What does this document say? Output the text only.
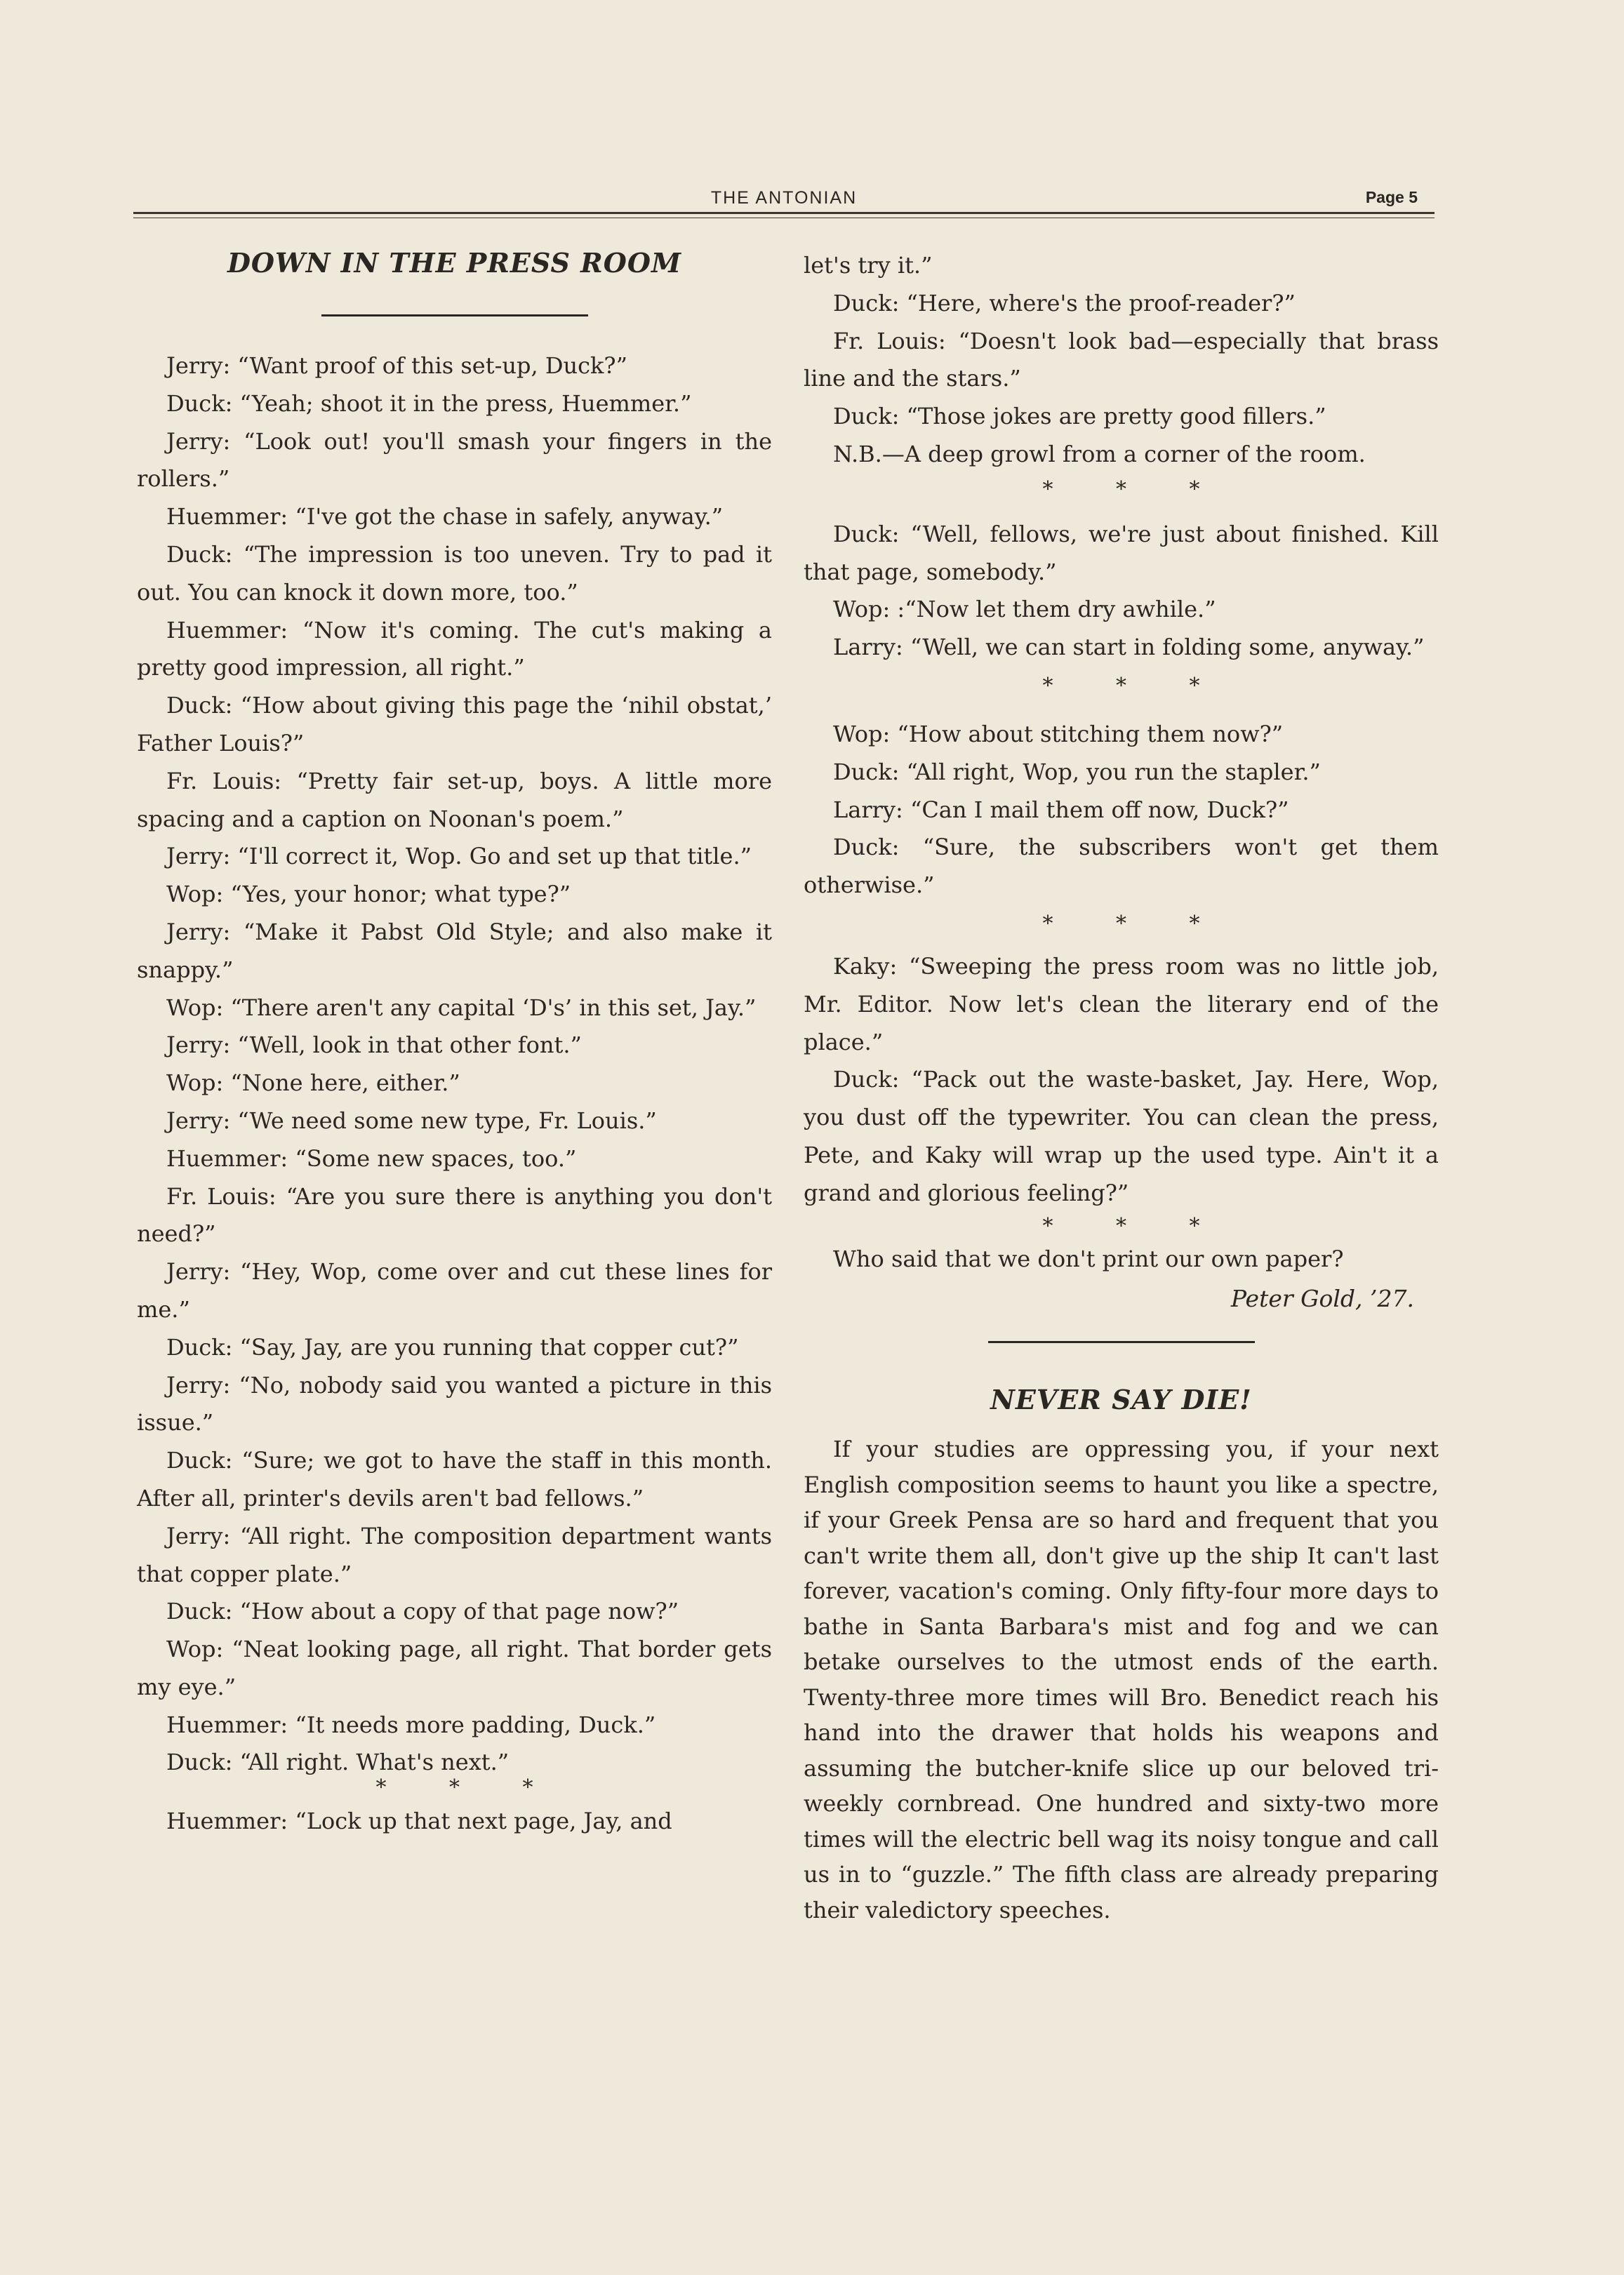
THE ANTONIAN	Page 5
DOWN IN THE PRESS ROOM

Jerry: “Want proof of this set-up, Duck?”

Duck: “Yeah; shoot it in the press, Huemmer.”

Jerry: “Look out! you'll smash your fingers in the rollers.”

Huemmer: “I've got the chase in safely, anyway.”

Duck: “The impression is too uneven. Try to pad it out. You can knock it down more, too.”

Huemmer: “Now it's coming. The cut's making a pretty good impression, all right.”

Duck: “How about giving this page the ‘nihil obstat,’ Father Louis?”

Fr. Louis: “Pretty fair set-up, boys. A little more spacing and a caption on Noonan's poem.”

Jerry: “I'll correct it, Wop. Go and set up that title.”

Wop: “Yes, your honor; what type?”

Jerry: “Make it Pabst Old Style; and also make it snappy.”

Wop: “There aren't any capital ‘D's’ in this set, Jay.”

Jerry: “Well, look in that other font.”

Wop: “None here, either.”

Jerry: “We need some new type, Fr. Louis.”

Huemmer: “Some new spaces, too.”

Fr. Louis: “Are you sure there is anything you don't need?”

Jerry: “Hey, Wop, come over and cut these lines for me.”

Duck: “Say, Jay, are you running that copper cut?”

Jerry: “No, nobody said you wanted a picture in this issue.”

Duck: “Sure; we got to have the staff in this month. After all, printer's devils aren't bad fellows.”

Jerry: “All right. The composition department wants that copper plate.”

Duck: “How about a copy of that page now?”

Wop: “Neat looking page, all right. That border gets my eye.”

Huemmer: “It needs more padding, Duck.”

Duck: “All right. What's next.”

* * *

Huemmer: “Lock up that next page, Jay, and

let's try it.”

Duck: “Here, where's the proof-reader?”

Fr. Louis: “Doesn't look bad—especially that brass line and the stars.”

Duck: “Those jokes are pretty good fillers.”

N.B.—A deep growl from a corner of the room.

* * *

Duck: “Well, fellows, we're just about finished. Kill that page, somebody.”

Wop: :“Now let them dry awhile.”

Larry: “Well, we can start in folding some, anyway.”

* * *

Wop: “How about stitching them now?”

Duck: “All right, Wop, you run the stapler.”

Larry: “Can I mail them off now, Duck?”

Duck: “Sure, the subscribers won't get them otherwise.”

* * *

Kaky: “Sweeping the press room was no little job, Mr. Editor. Now let's clean the literary end of the place.”

Duck: “Pack out the waste-basket, Jay. Here, Wop, you dust off the typewriter. You can clean the press, Pete, and Kaky will wrap up the used type. Ain't it a grand and glorious feeling?”

* * *

Who said that we don't print our own paper?

Peter Gold, ’27.
NEVER SAY DIE!

If your studies are oppressing you, if your next English composition seems to haunt you like a spectre, if your Greek Pensa are so hard and frequent that you can't write them all, don't give up the ship It can't last forever, vacation's coming. Only fifty-four more days to bathe in Santa Barbara's mist and fog and we can betake ourselves to the utmost ends of the earth. Twenty-three more times will Bro. Benedict reach his hand into the drawer that holds his weapons and assuming the butcher-knife slice up our beloved tri-weekly cornbread. One hundred and sixty-two more times will the electric bell wag its noisy tongue and call us in to “guzzle.” The fifth class are already preparing their valedictory speeches.
